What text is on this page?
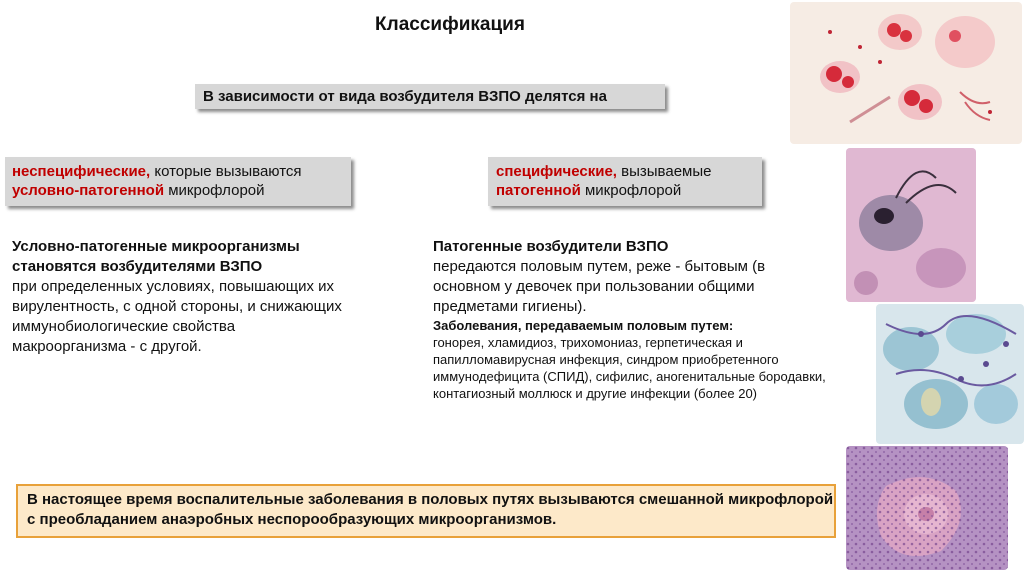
Классификация
В зависимости от вида возбудителя ВЗПО делятся на
неспецифические, которые вызываются
условно-патогенной микрофлорой
специфические, вызываемые
патогенной микрофлорой
Условно-патогенные микроорганизмы становятся возбудителями ВЗПО
при определенных условиях, повышающих их вирулентность, с одной стороны, и снижающих иммунобиологические свойства макроорганизма - с другой.
Патогенные возбудители ВЗПО
передаются половым путем, реже - бытовым (в основном у девочек при пользовании общими предметами гигиены).
Заболевания, передаваемым половым путем:
гонорея, хламидиоз, трихомониаз, герпетическая и папилломавирусная инфекция, синдром приобретенного иммунодефицита (СПИД), сифилис, аногенитальные бородавки, контагиозный моллюск и другие инфекции (более 20)
В настоящее время воспалительные заболевания в половых путях вызываются смешанной микрофлорой с преобладанием анаэробных неспорообразующих микроорганизмов.
